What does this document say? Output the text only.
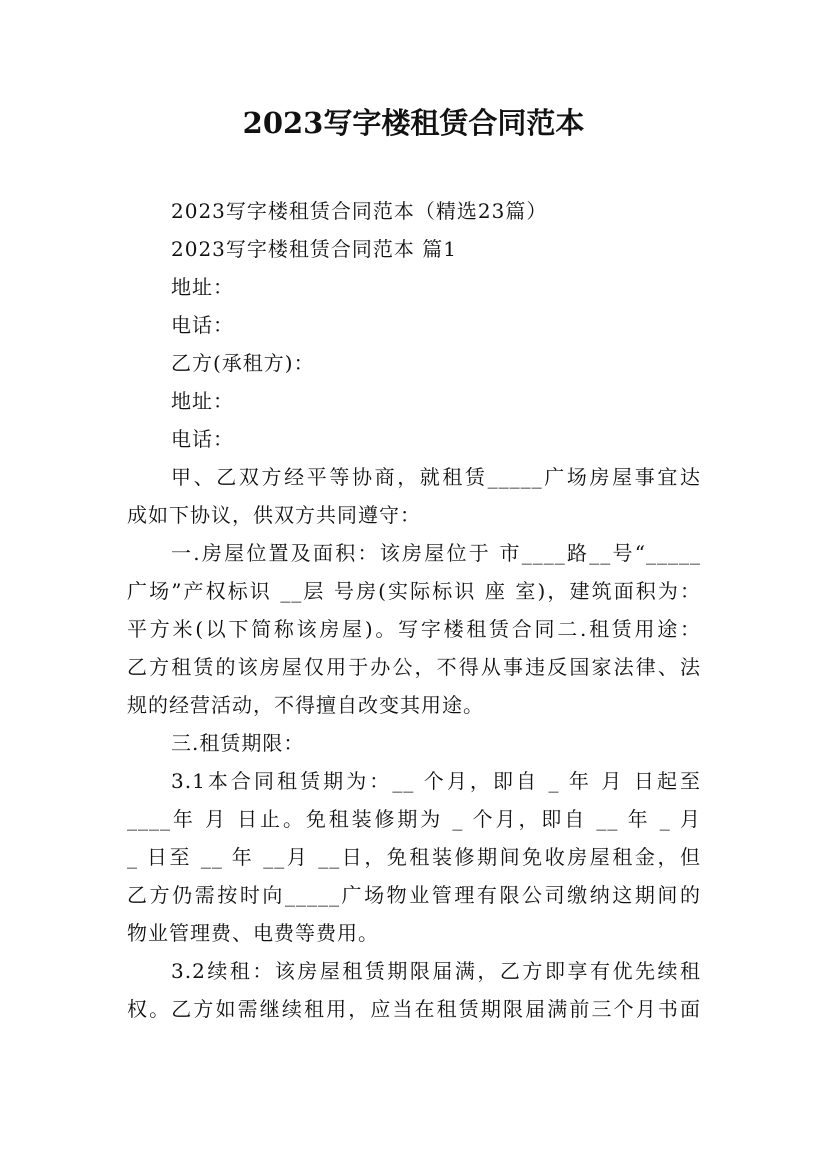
2023写字楼租赁合同范本
2023写字楼租赁合同范本（精选23篇）
2023写字楼租赁合同范本 篇1
地址：
电话：
乙方(承租方)：
地址：
电话：
甲、乙双方经平等协商，就租赁_____广场房屋事宜达
成如下协议，供双方共同遵守：
一.房屋位置及面积：该房屋位于 市____路__号“_____
广场”产权标识 __层 号房(实际标识 座 室)，建筑面积为：
平方米(以下简称该房屋)。写字楼租赁合同二.租赁用途：
乙方租赁的该房屋仅用于办公，不得从事违反国家法律、法
规的经营活动，不得擅自改变其用途。
三.租赁期限：
3.1本合同租赁期为：__ 个月，即自 _ 年 月 日起至
____年 月 日止。免租装修期为 _ 个月，即自 __ 年 _ 月
_ 日至 __ 年 __月 __日，免租装修期间免收房屋租金，但
乙方仍需按时向_____广场物业管理有限公司缴纳这期间的
物业管理费、电费等费用。
3.2续租：该房屋租赁期限届满，乙方即享有优先续租
权。乙方如需继续租用，应当在租赁期限届满前三个月书面
